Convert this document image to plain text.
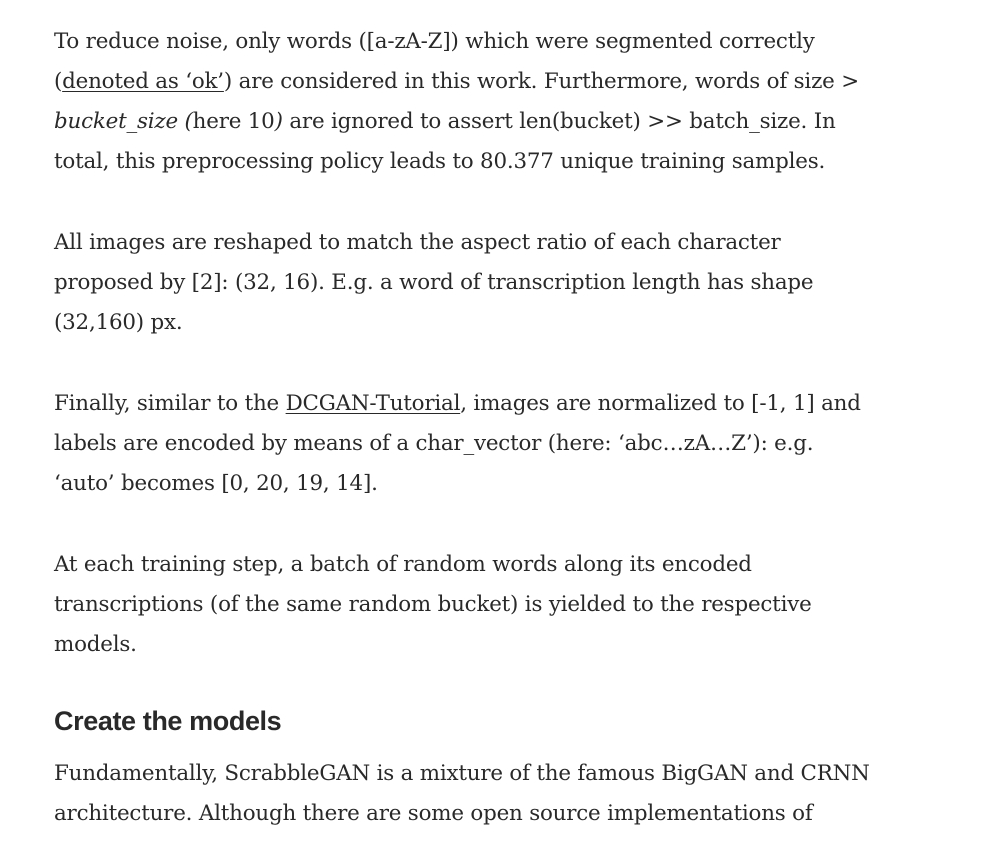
To reduce noise, only words ([a-zA-Z]) which were segmented correctly
(denoted as ‘ok’) are considered in this work. Furthermore, words of size >
bucket_size (here 10) are ignored to assert len(bucket) >> batch_size. In
total, this preprocessing policy leads to 80.377 unique training samples.

All images are reshaped to match the aspect ratio of each character
proposed by [2]: (32, 16). E.g. a word of transcription length has shape
(32,160) px.

Finally, similar to the DCGAN-Tutorial, images are normalized to [-1, 1] and
labels are encoded by means of a char_vector (here: ‘abc…zA…Z’): e.g.
‘auto’ becomes [0, 20, 19, 14].

At each training step, a batch of random words along its encoded
transcriptions (of the same random bucket) is yielded to the respective
models.

Create the models

Fundamentally, ScrabbleGAN is a mixture of the famous BigGAN and CRNN
architecture. Although there are some open source implementations of
